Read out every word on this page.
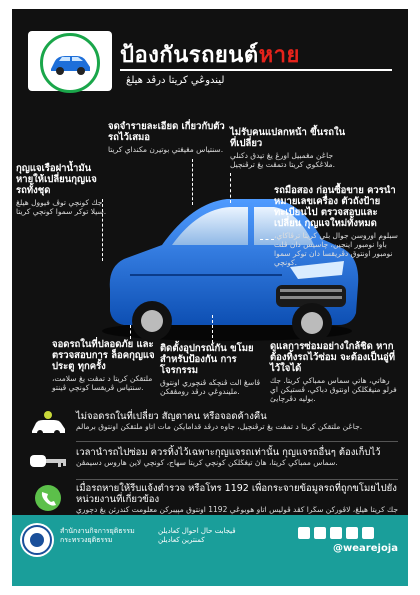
ป้องกันรถยนต์หาย
ليندوڠي كريتا درڤد هيلڠ
จดจำรายละเอียด เกี่ยวกับตัวรถไว้เสมอ
سنتياس مڠيڠتي بوتيرن مکنداي كريتا.
ไม่รับคนแปลกหน้า ขึ้นรถในที่เปลี่ยว
جاڠن مڠمبيل اورڠ يڠ تيدق دکنلي ملاڠكوي كريتا دتمڤت يڠ ترڤنچيل.
กุญแจเรือฝาน้ำมัน หายให้เปลี่ยนกุญแจ รถทั้งชุด
جك كونچي توڤ فيوول هيلڠ سيلا توکر سموا كونچي كريتا.
รถมือสอง ก่อนซื้อขาย ควรนำหมายเลขเครื่อง ตัวถังป้ายทะเบียนไป ตรวจสอบและเปลี่ยน กุญแจใหม่ทั้งหมด
سبلوم اوروسن جوال بلي كريتا ترڤاکاي، باوا نومبور اينجين، چاسيس دان ڤلت نومبور اونتوق دڤريقسا دان توکر سموا كونچي.
จอดรถในที่ปลอดภัย และตรวจสอบการ ล็อคกุญแจประตู ทุกครั้ง
ملتقكن كريتا د تمڤت يڠ سلامت، سنتياس ڤريقسا كونچي ڤينتو.
ติดตั้งอุปกรณ์กัน ขโมยสำหรับป้องกัน การโจรกรรม
ڤاسڠ الت ڤنچڬه ڤنچوري اونتوق مليندوڠي درڤد رومڤقكن.
ดูแลการซ่อมอย่างใกล้ชิด หากต้องทิ้งรถไว้ซ่อม จะต้องเป็นอู่ที่ไว้ใจได้
رهاتي، هاتي سماس ممباکي كريتا. جك فرلو منيڠڬلکن اونتوق دباکي، ڤستيکن اي بولیه دڤرچايئ.
ไม่จอดรถในที่เปลี่ยว สัญตาคน หรือจอดค้างคืน
جاڠن ملتقكن كريتا د تمڤت يڠ ترڤنچيل، جاوه درڤد قدامايكن مات اتاو ملتقكن اونتوق برمالم.
เวลานำรถไปซ่อม ควรทิ้งไว้เฉพาะกุญแจรถเท่านั้น กุญแจรถอื่นๆ ต้องเก็บไว้
سماس ممباکي كريتا، هاڽ تيڠڬلکن كونچي كريتا سهاج، كونچي لاين هاروس دسيمڤن.
เมื่อรถหายให้รีบแจ้งตำรวจ หรือโทร 1192 เพื่อกระจายข้อมูลรถที่ถูกขโมยไปยังหน่วยงานที่เกี่ยวข้อง
جك كريتا هيلڠ، لاڤورکن سڬرا کڤد ڤوليس اتاو هوبوڠي 1192 اونتوق مڽيبرکن معلومت کندرئن يڠ دچوري
สำนักงานกิจการยุติธรรม กระทรวงยุติธรรม
ڤيجابت حال احوال کعاديلن کمنترين کعاديلن
@wearejoja
